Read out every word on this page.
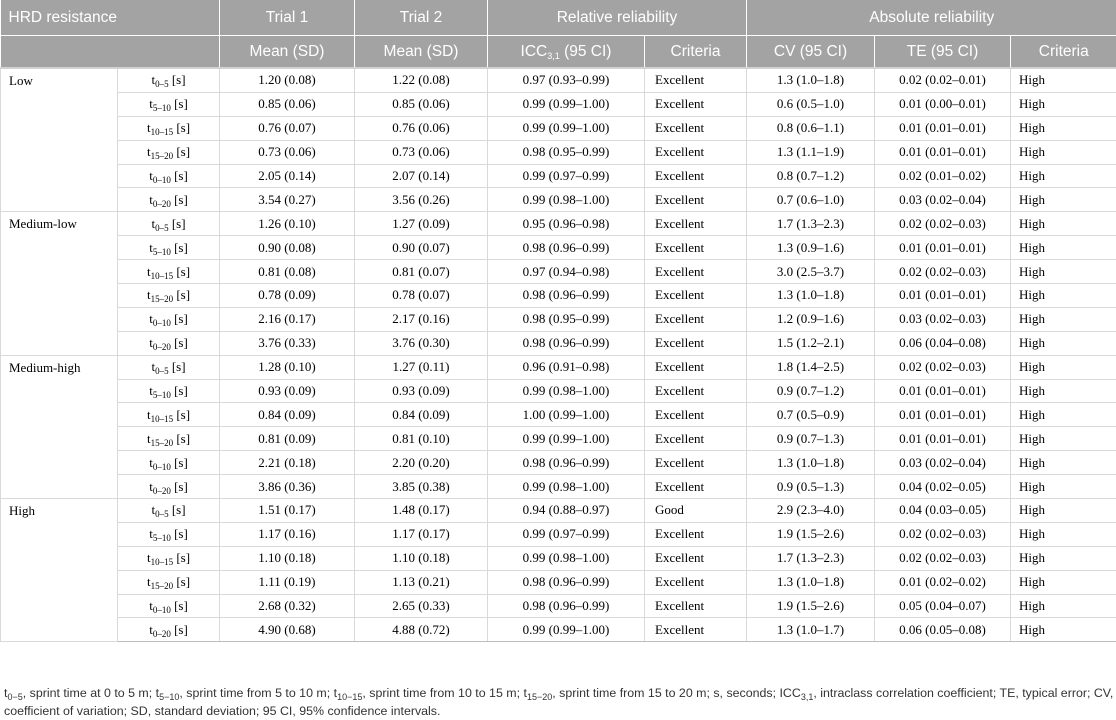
HRD resistance		Trial 1	Trial 2	Relative reliability		Absolute reliability		
		Mean (SD)	Mean (SD)	$ICC_{3,1}$ (95 CI)	Criteria	CV (95 CI)	TE (95 CI)	Criteria
Low	$t_{0-5}$ [s]	1.20 (0.08)	1.22 (0.08)	0.97 (0.93–0.99)	Excellent	1.3 (1.0–1.8)	0.02 (0.02–0.01)	High
	$t_{5-10}$ [s]	0.85 (0.06)	0.85 (0.06)	0.99 (0.99–1.00)	Excellent	0.6 (0.5–1.0)	0.01 (0.00–0.01)	High
	$t_{10-15}$ [s]	0.76 (0.07)	0.76 (0.06)	0.99 (0.99–1.00)	Excellent	0.8 (0.6–1.1)	0.01 (0.01–0.01)	High
	$t_{15-20}$ [s]	0.73 (0.06)	0.73 (0.06)	0.98 (0.95–0.99)	Excellent	1.3 (1.1–1.9)	0.01 (0.01–0.01)	High
	$t_{0-10}$ [s]	2.05 (0.14)	2.07 (0.14)	0.99 (0.97–0.99)	Excellent	0.8 (0.7–1.2)	0.02 (0.01–0.02)	High
	$t_{0-20}$ [s]	3.54 (0.27)	3.56 (0.26)	0.99 (0.98–1.00)	Excellent	0.7 (0.6–1.0)	0.03 (0.02–0.04)	High
Medium-low	$t_{0-5}$ [s]	1.26 (0.10)	1.27 (0.09)	0.95 (0.96–0.98)	Excellent	1.7 (1.3–2.3)	0.02 (0.02–0.03)	High
	$t_{5-10}$ [s]	0.90 (0.08)	0.90 (0.07)	0.98 (0.96–0.99)	Excellent	1.3 (0.9–1.6)	0.01 (0.01–0.01)	High
	$t_{10-15}$ [s]	0.81 (0.08)	0.81 (0.07)	0.97 (0.94–0.98)	Excellent	3.0 (2.5–3.7)	0.02 (0.02–0.03)	High
	$t_{15-20}$ [s]	0.78 (0.09)	0.78 (0.07)	0.98 (0.96–0.99)	Excellent	1.3 (1.0–1.8)	0.01 (0.01–0.01)	High
	$t_{0-10}$ [s]	2.16 (0.17)	2.17 (0.16)	0.98 (0.95–0.99)	Excellent	1.2 (0.9–1.6)	0.03 (0.02–0.03)	High
	$t_{0-20}$ [s]	3.76 (0.33)	3.76 (0.30)	0.98 (0.96–0.99)	Excellent	1.5 (1.2–2.1)	0.06 (0.04–0.08)	High
Medium-high	$t_{0-5}$ [s]	1.28 (0.10)	1.27 (0.11)	0.96 (0.91–0.98)	Excellent	1.8 (1.4–2.5)	0.02 (0.02–0.03)	High
	$t_{5-10}$ [s]	0.93 (0.09)	0.93 (0.09)	0.99 (0.98–1.00)	Excellent	0.9 (0.7–1.2)	0.01 (0.01–0.01)	High
	$t_{10-15}$ [s]	0.84 (0.09)	0.84 (0.09)	1.00 (0.99–1.00)	Excellent	0.7 (0.5–0.9)	0.01 (0.01–0.01)	High
	$t_{15-20}$ [s]	0.81 (0.09)	0.81 (0.10)	0.99 (0.99–1.00)	Excellent	0.9 (0.7–1.3)	0.01 (0.01–0.01)	High
	$t_{0-10}$ [s]	2.21 (0.18)	2.20 (0.20)	0.98 (0.96–0.99)	Excellent	1.3 (1.0–1.8)	0.03 (0.02–0.04)	High
	$t_{0-20}$ [s]	3.86 (0.36)	3.85 (0.38)	0.99 (0.98–1.00)	Excellent	0.9 (0.5–1.3)	0.04 (0.02–0.05)	High
High	$t_{0-5}$ [s]	1.51 (0.17)	1.48 (0.17)	0.94 (0.88–0.97)	Good	2.9 (2.3–4.0)	0.04 (0.03–0.05)	High
	$t_{5-10}$ [s]	1.17 (0.16)	1.17 (0.17)	0.99 (0.97–0.99)	Excellent	1.9 (1.5–2.6)	0.02 (0.02–0.03)	High
	$t_{10-15}$ [s]	1.10 (0.18)	1.10 (0.18)	0.99 (0.98–1.00)	Excellent	1.7 (1.3–2.3)	0.02 (0.02–0.03)	High
	$t_{15-20}$ [s]	1.11 (0.19)	1.13 (0.21)	0.98 (0.96–0.99)	Excellent	1.3 (1.0–1.8)	0.01 (0.02–0.02)	High
	$t_{0-10}$ [s]	2.68 (0.32)	2.65 (0.33)	0.98 (0.96–0.99)	Excellent	1.9 (1.5–2.6)	0.05 (0.04–0.07)	High
	$t_{0-20}$ [s]	4.90 (0.68)	4.88 (0.72)	0.99 (0.99–1.00)	Excellent	1.3 (1.0–1.7)	0.06 (0.05–0.08)	High

$t_{0-5}$, sprint time at 0 to 5 m; $t_{5-10}$, sprint time from 5 to 10 m; $t_{10-15}$, sprint time from 10 to 15 m; $t_{15-20}$, sprint time from 15 to 20 m; s, seconds; $ICC_{3,1}$, intraclass correlation coefficient; TE, typical error; CV, coefficient of variation; SD, standard deviation; 95 CI, 95% confidence intervals.
